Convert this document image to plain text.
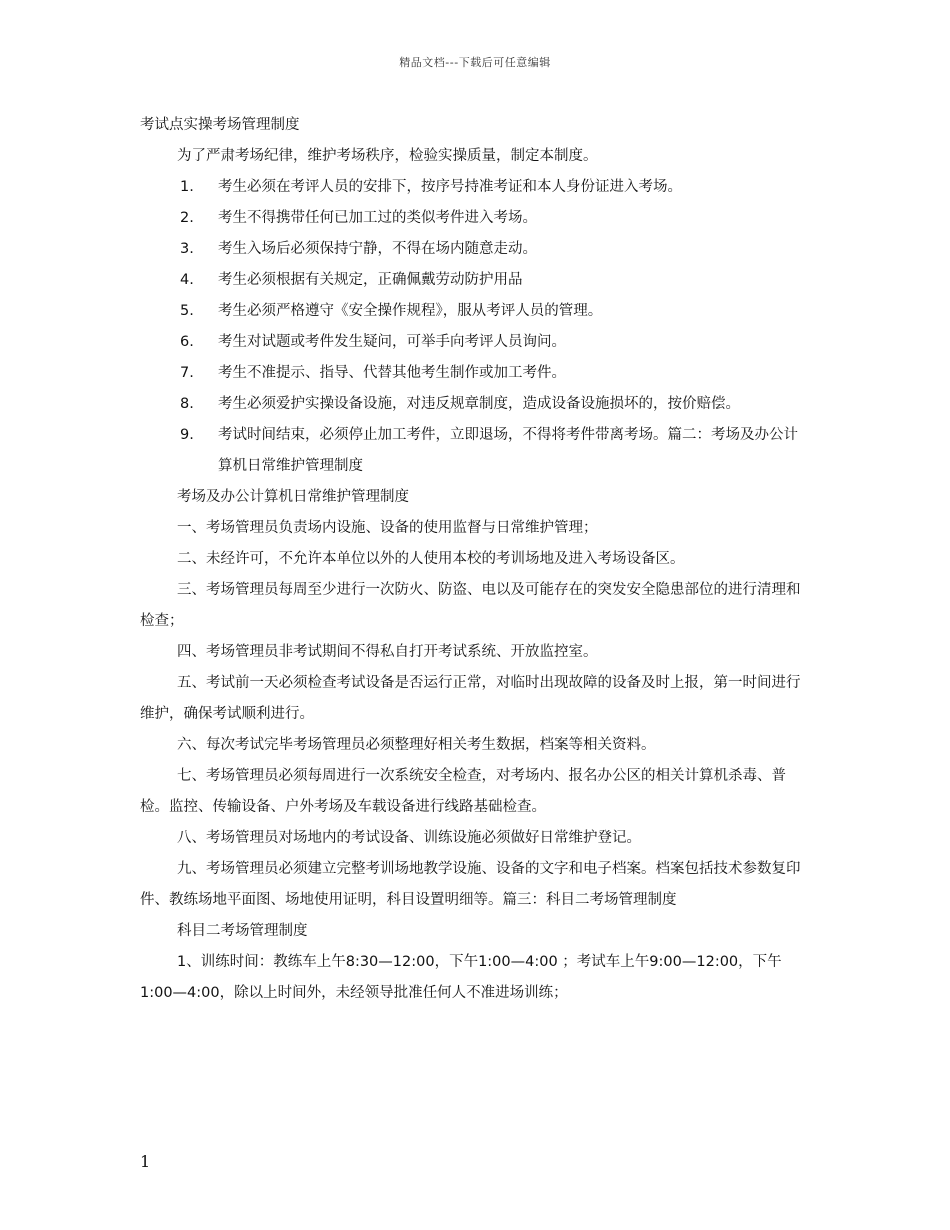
精品文档---下载后可任意编辑

考试点实操考场管理制度

为了严肃考场纪律，维护考场秩序，检验实操质量，制定本制度。

1. 考生必须在考评人员的安排下，按序号持准考证和本人身份证进入考场。
2. 考生不得携带任何已加工过的类似考件进入考场。
3. 考生入场后必须保持宁静，不得在场内随意走动。
4. 考生必须根据有关规定，正确佩戴劳动防护用品
5. 考生必须严格遵守《安全操作规程》，服从考评人员的管理。
6. 考生对试题或考件发生疑问，可举手向考评人员询问。
7. 考生不准提示、指导、代替其他考生制作或加工考件。
8. 考生必须爱护实操设备设施，对违反规章制度，造成设备设施损坏的，按价赔偿。
9. 考试时间结束，必须停止加工考件，立即退场，不得将考件带离考场。篇二：考场及办公计算机日常维护管理制度

考场及办公计算机日常维护管理制度

一、考场管理员负责场内设施、设备的使用监督与日常维护管理；

二、未经许可，不允许本单位以外的人使用本校的考训场地及进入考场设备区。

三、考场管理员每周至少进行一次防火、防盗、电以及可能存在的突发安全隐患部位的进行清理和检查；

四、考场管理员非考试期间不得私自打开考试系统、开放监控室。

五、考试前一天必须检查考试设备是否运行正常，对临时出现故障的设备及时上报，第一时间进行维护，确保考试顺利进行。

六、每次考试完毕考场管理员必须整理好相关考生数据，档案等相关资料。

七、考场管理员必须每周进行一次系统安全检查，对考场内、报名办公区的相关计算机杀毒、普检。监控、传输设备、户外考场及车载设备进行线路基础检查。

八、考场管理员对场地内的考试设备、训练设施必须做好日常维护登记。

九、考场管理员必须建立完整考训场地教学设施、设备的文字和电子档案。档案包括技术参数复印件、教练场地平面图、场地使用证明，科目设置明细等。篇三：科目二考场管理制度

科目二考场管理制度

1、训练时间：教练车上午8:30—12:00，下午1:00—4:00 ；考试车上午9:00—12:00，下午1:00—4:00，除以上时间外，未经领导批准任何人不准进场训练；

1
